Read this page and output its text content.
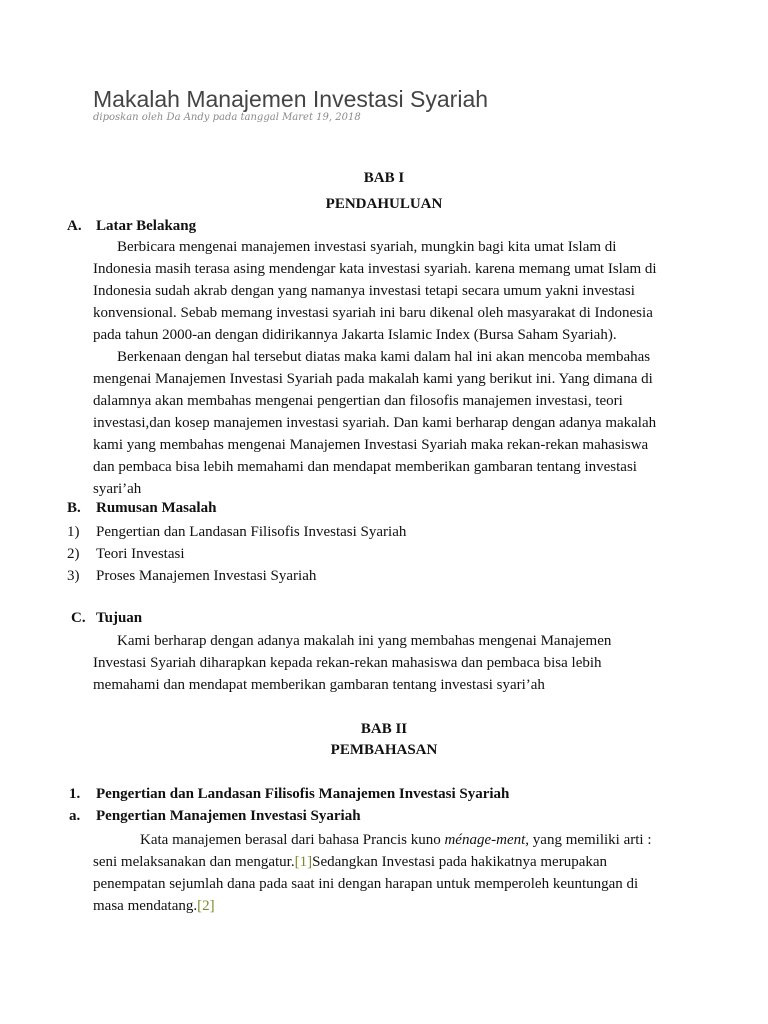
Makalah Manajemen Investasi Syariah
diposkan oleh Da Andy pada tanggal Maret 19, 2018
BAB I
PENDAHULUAN
A. Latar Belakang
Berbicara mengenai manajemen investasi syariah, mungkin bagi kita umat Islam di
Indonesia masih terasa asing mendengar kata investasi syariah. karena memang umat Islam di
Indonesia sudah akrab dengan yang namanya investasi tetapi secara umum yakni investasi
konvensional. Sebab memang investasi syariah ini baru dikenal oleh masyarakat di Indonesia
pada tahun 2000-an dengan didirikannya Jakarta Islamic Index (Bursa Saham Syariah).
Berkenaan dengan hal tersebut diatas maka kami dalam hal ini akan mencoba membahas
mengenai Manajemen Investasi Syariah pada makalah kami yang berikut ini. Yang dimana di
dalamnya akan membahas mengenai pengertian dan filosofis manajemen investasi, teori
investasi,dan kosep manajemen investasi syariah. Dan kami berharap dengan adanya makalah
kami yang membahas mengenai Manajemen Investasi Syariah maka rekan-rekan mahasiswa
dan pembaca bisa lebih memahami dan mendapat memberikan gambaran tentang investasi
syari’ah
B. Rumusan Masalah
1) Pengertian dan Landasan Filisofis Investasi Syariah
2) Teori Investasi
3) Proses Manajemen Investasi Syariah
C. Tujuan
Kami berharap dengan adanya makalah ini yang membahas mengenai Manajemen
Investasi Syariah diharapkan kepada rekan-rekan mahasiswa dan pembaca bisa lebih
memahami dan mendapat memberikan gambaran tentang investasi syari’ah
BAB II
PEMBAHASAN
1. Pengertian dan Landasan Filisofis Manajemen Investasi Syariah
a. Pengertian Manajemen Investasi Syariah
Kata manajemen berasal dari bahasa Prancis kuno ménage-ment, yang memiliki arti :
seni melaksanakan dan mengatur.[1]Sedangkan Investasi pada hakikatnya merupakan
penempatan sejumlah dana pada saat ini dengan harapan untuk memperoleh keuntungan di
masa mendatang.[2]
